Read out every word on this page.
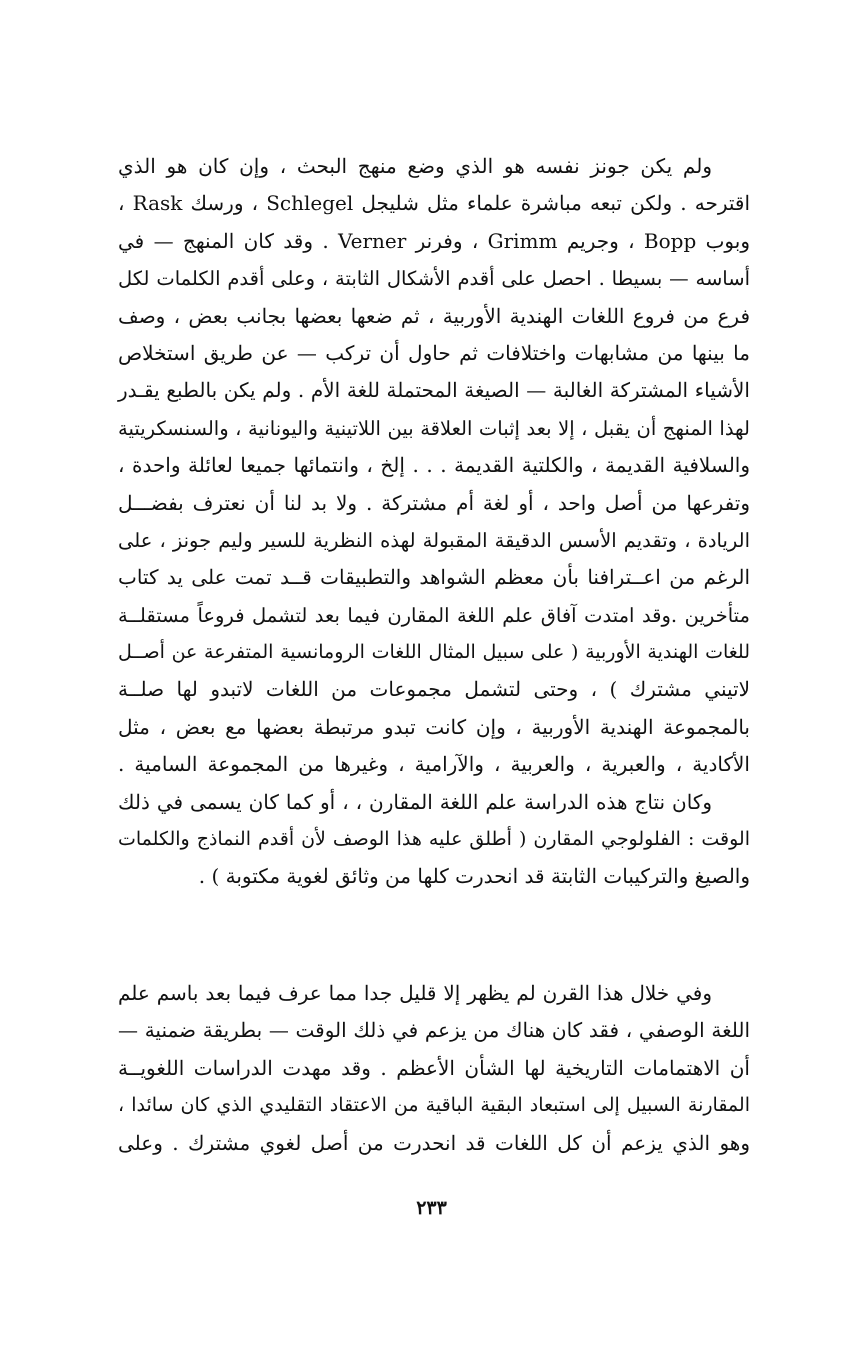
ولم يكن جونز نفسه هو الذي وضع منهج البحث ، وإن كان هو الذي
اقترحه . ولكن تبعه مباشرة علماء مثل شليجل Schlegel ، ورسك Rask ،
وبوب Bopp ، وجريم Grimm ، وفرنر Verner . وقد كان المنهج — في
أساسه — بسيطا . احصل على أقدم الأشكال الثابتة ، وعلى أقدم الكلمات لكل
فرع من فروع اللغات الهندية الأوربية ، ثم ضعها بعضها بجانب بعض ، وصف
ما بينها من مشابهات واختلافات ثم حاول أن تركب — عن طريق استخلاص
الأشياء المشتركة الغالبة — الصيغة المحتملة للغة الأم . ولم يكن بالطبع يقـدر
لهذا المنهج أن يقبل ، إلا بعد إثبات العلاقة بين اللاتينية واليونانية ، والسنسكريتية
والسلافية القديمة ، والكلتية القديمة . . . إلخ ، وانتمائها جميعا لعائلة واحدة ،
وتفرعها من أصل واحد ، أو لغة أم مشتركة . ولا بد لنا أن نعترف بفضـــل
الريادة ، وتقديم الأسس الدقيقة المقبولة لهذه النظرية للسير وليم جونز ، على
الرغم من اعــترافنا بأن معظم الشواهد والتطبيقات قــد تمت على يد كتاب
متأخرين .وقد امتدت آفاق علم اللغة المقارن فيما بعد لتشمل فروعاً مستقلــة
للغات الهندية الأوربية ( على سبيل المثال اللغات الرومانسية المتفرعة عن أصــل
لاتيني مشترك ) ، وحتى لتشمل مجموعات من اللغات لاتبدو لها صلــة
بالمجموعة الهندية الأوربية ، وإن كانت تبدو مرتبطة بعضها مع بعض ، مثل
الأكادية ، والعبرية ، والعربية ، والآرامية ، وغيرها من المجموعة السامية .
وكان نتاج هذه الدراسة علم اللغة المقارن ، ، أو كما كان يسمى في ذلك
الوقت : الفلولوجي المقارن ( أطلق عليه هذا الوصف لأن أقدم النماذج والكلمات
والصيغ والتركيبات الثابتة قد انحدرت كلها من وثائق لغوية مكتوبة ) .
وفي خلال هذا القرن لم يظهر إلا قليل جدا مما عرف فيما بعد باسم علم
اللغة الوصفي ، فقد كان هناك من يزعم في ذلك الوقت — بطريقة ضمنية —
أن الاهتمامات التاريخية لها الشأن الأعظم . وقد مهدت الدراسات اللغويــة
المقارنة السبيل إلى استبعاد البقية الباقية من الاعتقاد التقليدي الذي كان سائدا ،
وهو الذي يزعم أن كل اللغات قد انحدرت من أصل لغوي مشترك . وعلى
٢٣٣
